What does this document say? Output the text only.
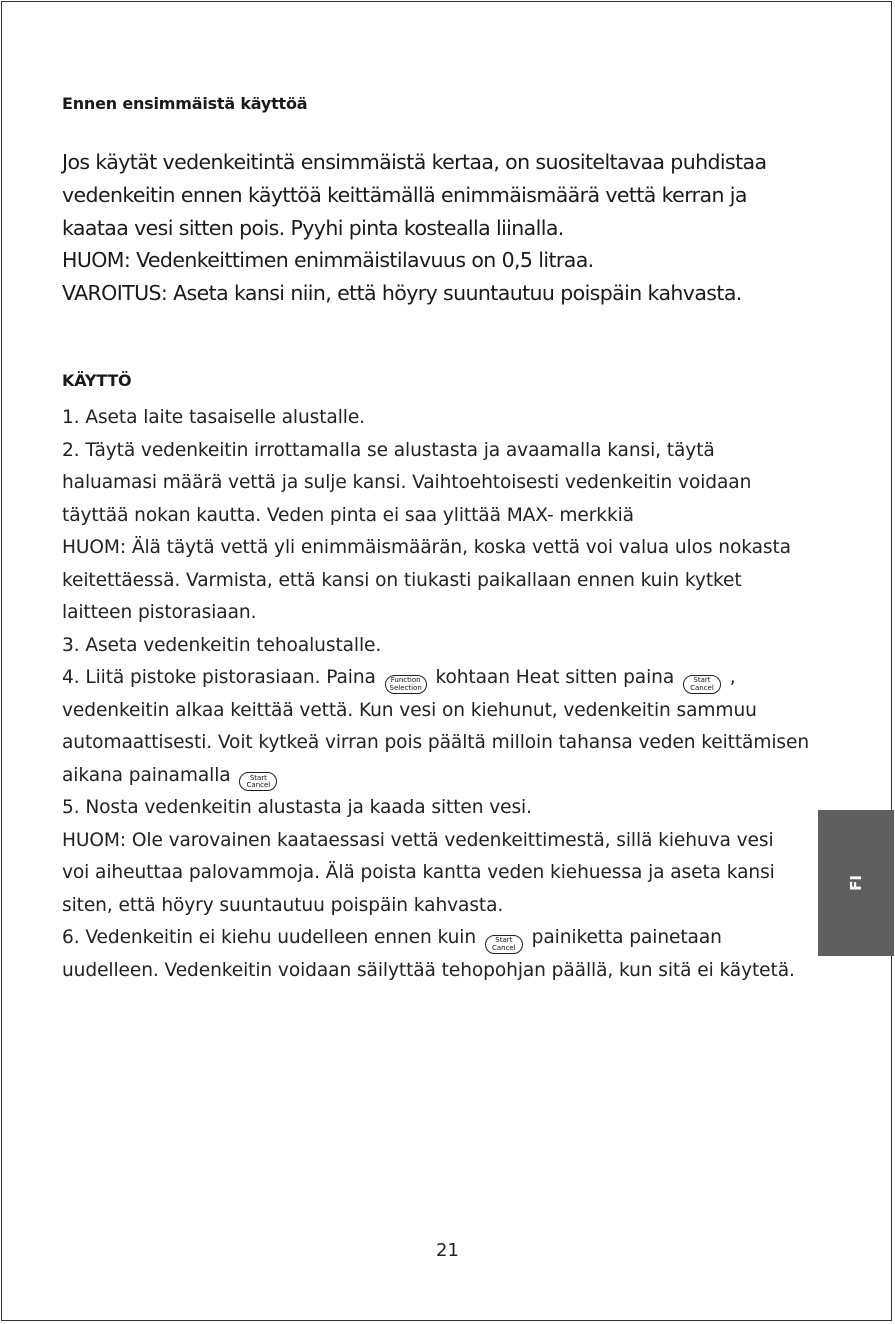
Ennen ensimmäistä käyttöä

Jos käytät vedenkeitintä ensimmäistä kertaa, on suositeltavaa puhdistaa

vedenkeitin ennen käyttöä keittämällä enimmäismäärä vettä kerran ja

kaataa vesi sitten pois. Pyyhi pinta kostealla liinalla.

HUOM: Vedenkeittimen enimmäistilavuus on 0,5 litraa.

VAROITUS: Aseta kansi niin, että höyry suuntautuu poispäin kahvasta.

KÄYTTÖ

1. Aseta laite tasaiselle alustalle.

2. Täytä vedenkeitin irrottamalla se alustasta ja avaamalla kansi, täytä

haluamasi määrä vettä ja sulje kansi. Vaihtoehtoisesti vedenkeitin voidaan

täyttää nokan kautta. Veden pinta ei saa ylittää MAX- merkkiä

HUOM: Älä täytä vettä yli enimmäismäärän, koska vettä voi valua ulos nokasta

keitettäessä. Varmista, että kansi on tiukasti paikallaan ennen kuin kytket

laitteen pistorasiaan.

3. Aseta vedenkeitin tehoalustalle.

4. Liitä pistoke pistorasiaan. Paina Function
Selection kohtaan Heat sitten paina	Start
Cancel ,

vedenkeitin alkaa keittää vettä. Kun vesi on kiehunut, vedenkeitin sammuu

automaattisesti. Voit kytkeä virran pois päältä milloin tahansa veden keittämisen

aikana painamalla	Start
Cancel

5. Nosta vedenkeitin alustasta ja kaada sitten vesi.

HUOM: Ole varovainen kaataessasi vettä vedenkeittimestä, sillä kiehuva vesi

voi aiheuttaa palovammoja. Älä poista kantta veden kiehuessa ja aseta kansi

siten, että höyry suuntautuu poispäin kahvasta.

6. Vedenkeitin ei kiehu uudelleen ennen kuin	Start
Cancel painiketta painetaan

uudelleen. Vedenkeitin voidaan säilyttää tehopohjan päällä, kun sitä ei käytetä.

FI
21
